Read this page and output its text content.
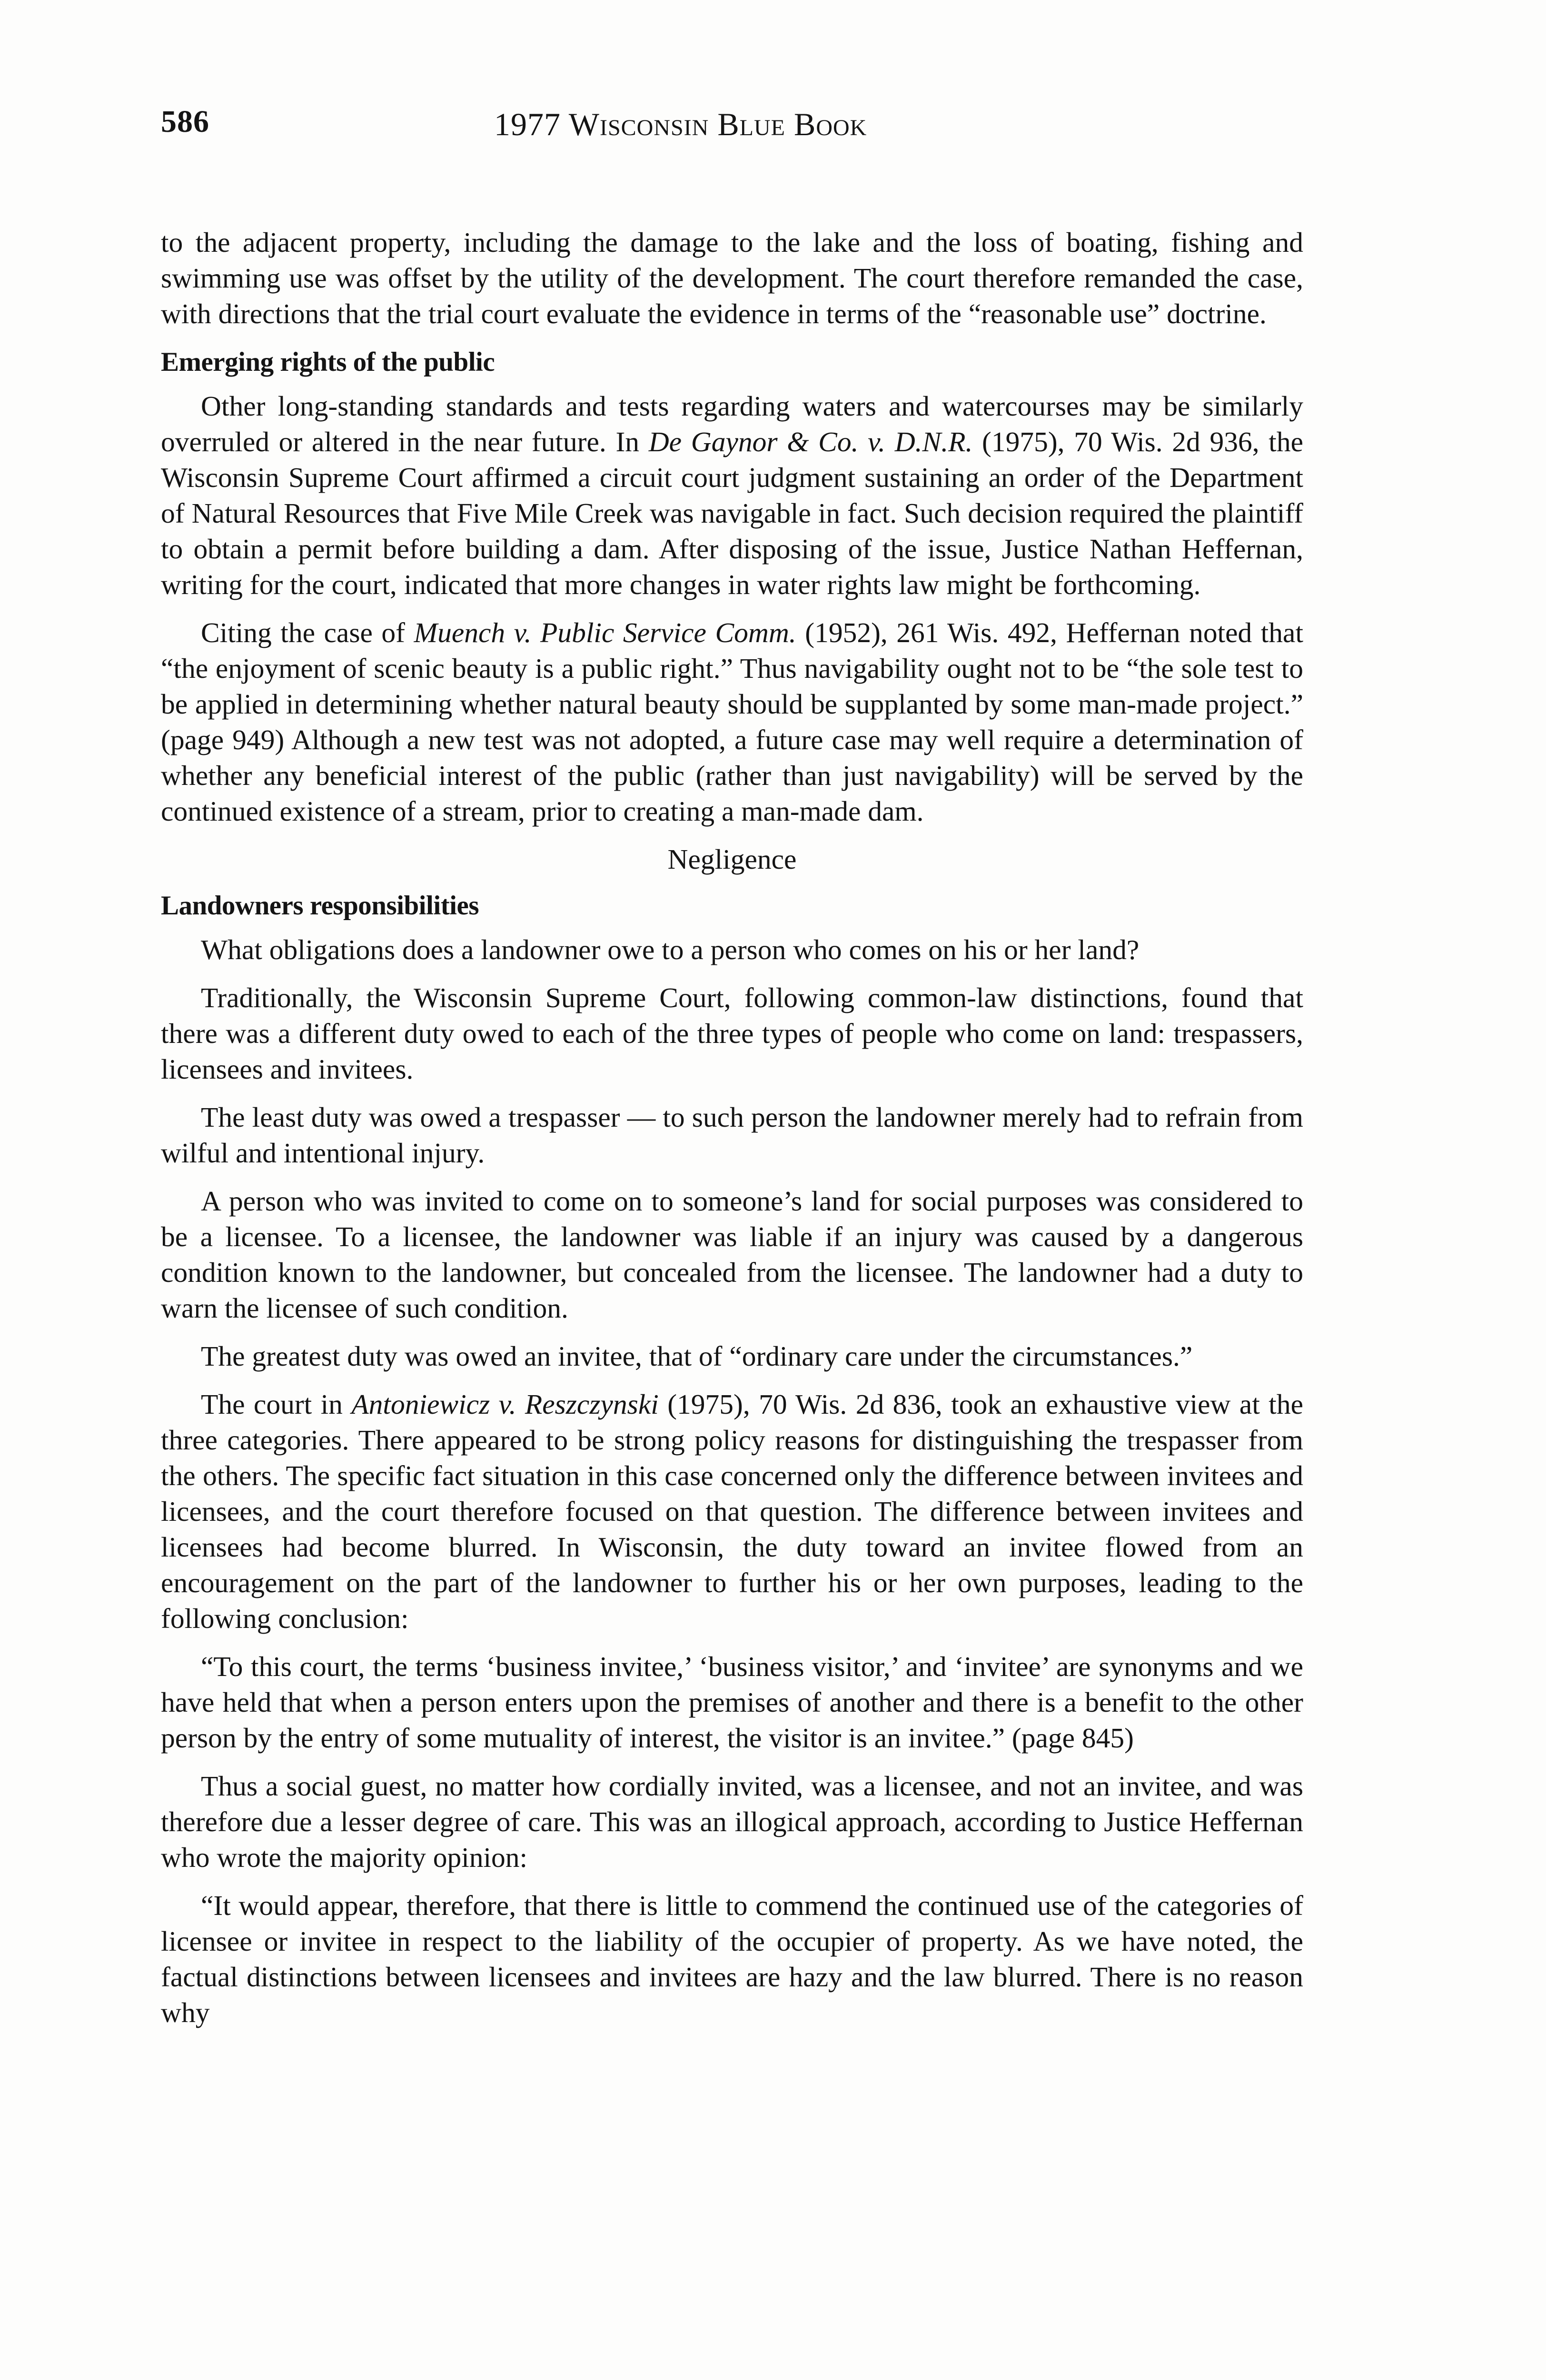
586	1977 Wisconsin Blue Book

to the adjacent property, including the damage to the lake and the loss of boating, fishing and swimming use was offset by the utility of the development. The court therefore remanded the case, with directions that the trial court evaluate the evidence in terms of the “reasonable use” doctrine.

Emerging rights of the public

Other long-standing standards and tests regarding waters and watercourses may be similarly overruled or altered in the near future. In De Gaynor & Co. v. D.N.R. (1975), 70 Wis. 2d 936, the Wisconsin Supreme Court affirmed a circuit court judgment sustaining an order of the Department of Natural Resources that Five Mile Creek was navigable in fact. Such decision required the plaintiff to obtain a permit before building a dam. After disposing of the issue, Justice Nathan Heffernan, writing for the court, indicated that more changes in water rights law might be forthcoming.

Citing the case of Muench v. Public Service Comm. (1952), 261 Wis. 492, Heffernan noted that “the enjoyment of scenic beauty is a public right.” Thus navigability ought not to be “the sole test to be applied in determining whether natural beauty should be supplanted by some man-made project.” (page 949) Although a new test was not adopted, a future case may well require a determination of whether any beneficial interest of the public (rather than just navigability) will be served by the continued existence of a stream, prior to creating a man-made dam.

Negligence
Landowners responsibilities

What obligations does a landowner owe to a person who comes on his or her land?

Traditionally, the Wisconsin Supreme Court, following common-law distinctions, found that there was a different duty owed to each of the three types of people who come on land: trespassers, licensees and invitees.

The least duty was owed a trespasser — to such person the landowner merely had to refrain from wilful and intentional injury.

A person who was invited to come on to someone’s land for social purposes was considered to be a licensee. To a licensee, the landowner was liable if an injury was caused by a dangerous condition known to the landowner, but concealed from the licensee. The landowner had a duty to warn the licensee of such condition.

The greatest duty was owed an invitee, that of “ordinary care under the circumstances.”

The court in Antoniewicz v. Reszczynski (1975), 70 Wis. 2d 836, took an exhaustive view at the three categories. There appeared to be strong policy reasons for distinguishing the trespasser from the others. The specific fact situation in this case concerned only the difference between invitees and licensees, and the court therefore focused on that question. The difference between invitees and licensees had become blurred. In Wisconsin, the duty toward an invitee flowed from an encouragement on the part of the landowner to further his or her own purposes, leading to the following conclusion:

“To this court, the terms ‘business invitee,’ ‘business visitor,’ and ‘invitee’ are synonyms and we have held that when a person enters upon the premises of another and there is a benefit to the other person by the entry of some mutuality of interest, the visitor is an invitee.” (page 845)

Thus a social guest, no matter how cordially invited, was a licensee, and not an invitee, and was therefore due a lesser degree of care. This was an illogical approach, according to Justice Heffernan who wrote the majority opinion:

“It would appear, therefore, that there is little to commend the continued use of the categories of licensee or invitee in respect to the liability of the occupier of property. As we have noted, the factual distinctions between licensees and invitees are hazy and the law blurred. There is no reason why
